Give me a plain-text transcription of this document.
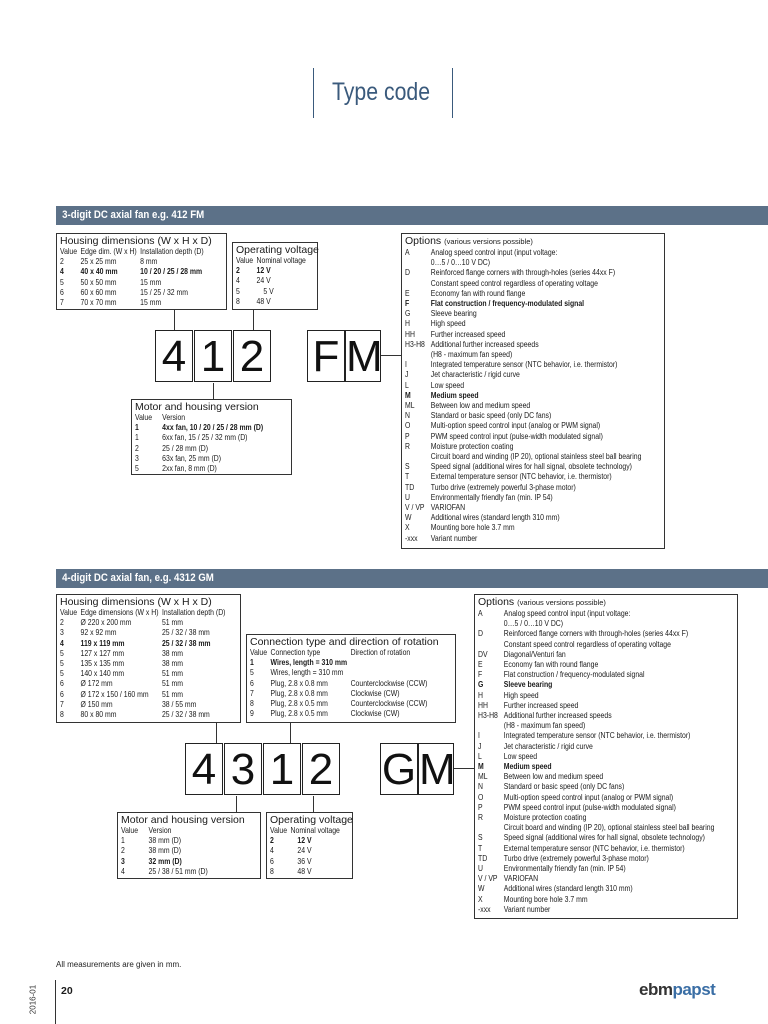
Type code
3-digit DC axial fan e.g. 412 FM
Housing dimensions (W x H x D)
Value	Edge dim. (W x H)	Installation depth (D)
2	25 x 25 mm	8 mm
4	40 x 40 mm	10 / 20 / 25 / 28 mm
5	50 x 50 mm	15 mm
6	60 x 60 mm	15 / 25 / 32 mm
7	70 x 70 mm	15 mm
Operating voltage
Value	Nominal voltage
2	12 V
4	24 V
5	5 V
8	48 V
4 1 2 F M
Motor and housing version
Value	Version
1	4xx fan, 10 / 20 / 25 / 28 mm (D)
1	6xx fan, 15 / 25 / 32 mm (D)
2	25 / 28 mm (D)
3	63x fan, 25 mm (D)
5	2xx fan, 8 mm (D)
Options (various versions possible)
A	Analog speed control input (input voltage:
0…5 / 0…10 V DC)
D	Reinforced flange corners with through-holes (series 44xx F)
Constant speed control regardless of operating voltage
E	Economy fan with round flange
F	Flat construction / frequency-modulated signal
G	Sleeve bearing
H	High speed
HH	Further increased speed
H3-H8 Additional further increased speeds
(H8 - maximum fan speed)
I	Integrated temperature sensor (NTC behavior, i.e. thermistor)
J	Jet characteristic / rigid curve
L	Low speed
M	Medium speed
ML	Between low and medium speed
N	Standard or basic speed (only DC fans)
O	Multi-option speed control input (analog or PWM signal)
P	PWM speed control input (pulse-width modulated signal)
R	Moisture protection coating
Circuit board and winding (IP 20), optional stainless steel ball bearing
S	Speed signal (additional wires for hall signal, obsolete technology)
T	External temperature sensor (NTC behavior, i.e. thermistor)
TD	Turbo drive (extremely powerful 3-phase motor)
U	Environmentally friendly fan (min. IP 54)
V / VP VARIOFAN
W	Additional wires (standard length 310 mm)
X	Mounting bore hole 3.7 mm
-xxx	Variant number
4-digit DC axial fan, e.g. 4312 GM
Housing dimensions (W x H x D)
Value	Edge dimensions (W x H)	Installation depth (D)
2	Ø 220 x 200 mm	51 mm
3	92 x 92 mm	25 / 32 / 38 mm
4	119 x 119 mm	25 / 32 / 38 mm
5	127 x 127 mm	38 mm
5	135 x 135 mm	38 mm
5	140 x 140 mm	51 mm
6	Ø 172 mm	51 mm
6	Ø 172 x 150 / 160 mm	51 mm
7	Ø 150 mm	38 / 55 mm
8	80 x 80 mm	25 / 32 / 38 mm
Connection type and direction of rotation
Value	Connection type	Direction of rotation
1	Wires, length = 310 mm	
5	Wires, length = 310 mm	
6	Plug, 2.8 x 0.8 mm	Counterclockwise (CCW)
7	Plug, 2.8 x 0.8 mm	Clockwise (CW)
8	Plug, 2.8 x 0.5 mm	Counterclockwise (CCW)
9	Plug, 2.8 x 0.5 mm	Clockwise (CW)
4 3 1 2 G M
Motor and housing version
Value	Version
1	38 mm (D)
2	38 mm (D)
3	32 mm (D)
4	25 / 38 / 51 mm (D)
Operating voltage
Value	Nominal voltage
2	12 V
4	24 V
6	36 V
8	48 V
Options (various versions possible)
A	Analog speed control input (input voltage:
0…5 / 0…10 V DC)
D	Reinforced flange corners with through-holes (series 44xx F)
Constant speed control regardless of operating voltage
DV	Diagonal/Venturi fan
E	Economy fan with round flange
F	Flat construction / frequency-modulated signal
G	Sleeve bearing
H	High speed
HH	Further increased speed
H3-H8 Additional further increased speeds
(H8 - maximum fan speed)
I	Integrated temperature sensor (NTC behavior, i.e. thermistor)
J	Jet characteristic / rigid curve
L	Low speed
M	Medium speed
ML	Between low and medium speed
N	Standard or basic speed (only DC fans)
O	Multi-option speed control input (analog or PWM signal)
P	PWM speed control input (pulse-width modulated signal)
R	Moisture protection coating
Circuit board and winding (IP 20), optional stainless steel ball bearing
S	Speed signal (additional wires for hall signal, obsolete technology)
T	External temperature sensor (NTC behavior, i.e. thermistor)
TD	Turbo drive (extremely powerful 3-phase motor)
U	Environmentally friendly fan (min. IP 54)
V / VP VARIOFAN
W	Additional wires (standard length 310 mm)
X	Mounting bore hole 3.7 mm
-xxx	Variant number
All measurements are given in mm.
2016-01 20	ebmpapst
